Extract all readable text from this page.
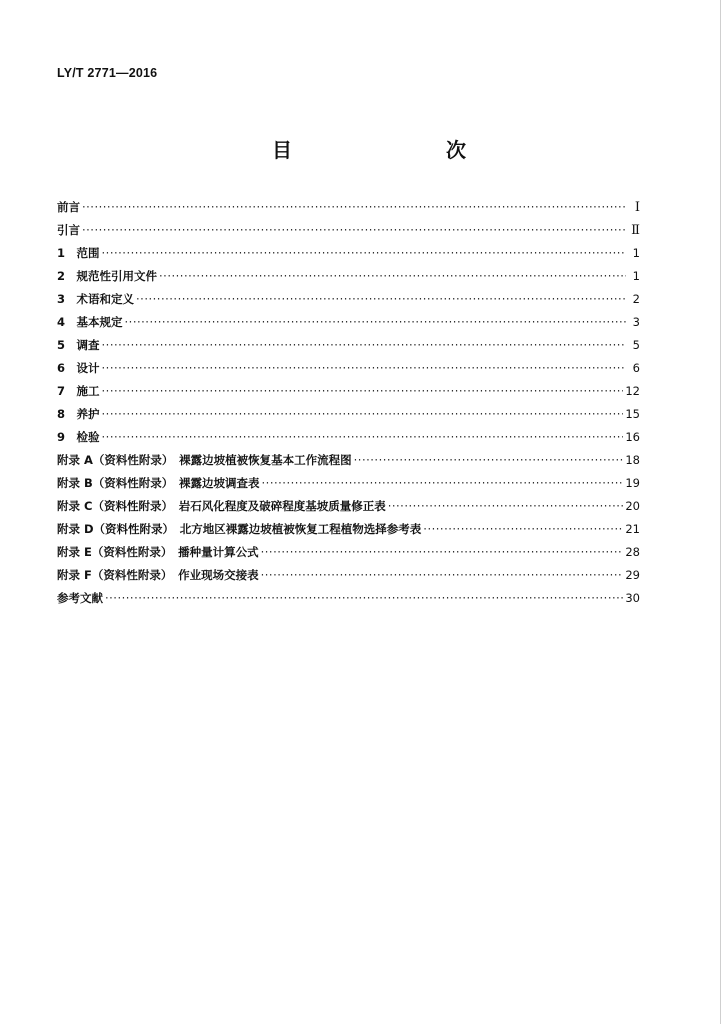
LY/T 2771—2016
目　　次
前言 ·····	Ⅰ
引言 ·····	Ⅱ
1　范围 ·····	1
2　规范性引用文件 ·····	1
3　术语和定义 ·····	2
4　基本规定 ·····	3
5　调查 ·····	5
6　设计 ·····	6
7　施工 ·····	12
8　养护 ·····	15
9　检验 ·····	16
附录 A（资料性附录）　裸露边坡植被恢复基本工作流程图 ·····	18
附录 B（资料性附录）　裸露边坡调查表 ·····	19
附录 C（资料性附录）　岩石风化程度及破碎程度基坡质量修正表 ·····	20
附录 D（资料性附录）　北方地区裸露边坡植被恢复工程植物选择参考表 ·····	21
附录 E（资料性附录）　播种量计算公式 ·····	28
附录 F（资料性附录）　作业现场交接表 ·····	29
参考文献 ·····	30
